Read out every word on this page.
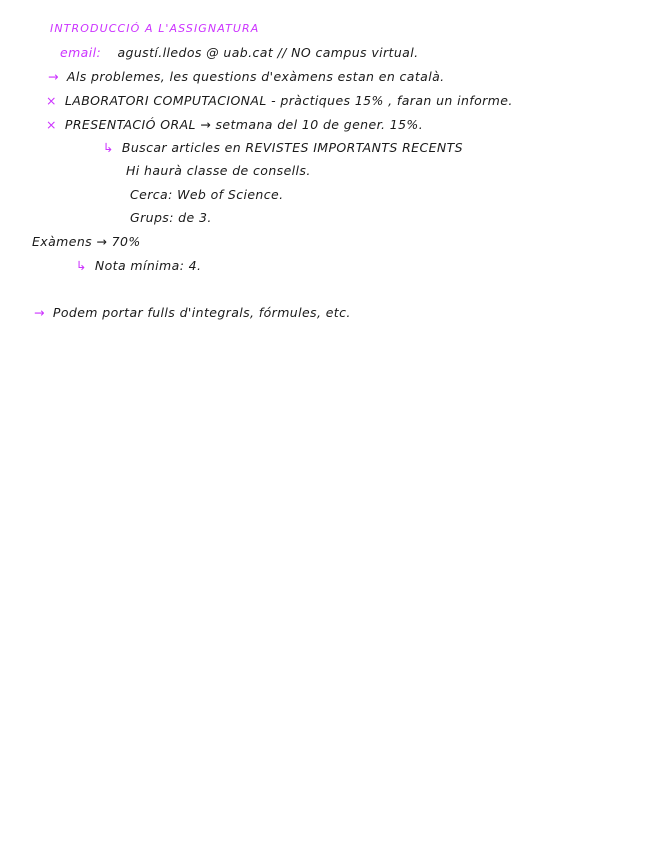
INTRODUCCIÓ A L'ASSIGNATURA
email: agustí.lledos @ uab.cat // NO campus virtual.
→ Als problemes, les questions d'exàmens estan en català.
× LABORATORI COMPUTACIONAL - pràctiques 15% , faran un informe.
× PRESENTACIÓ ORAL → setmana del 10 de gener. 15%.
↳ Buscar articles en REVISTES IMPORTANTS RECENTS
Hi haurà classe de consells.
Cerca: Web of Science.
Grups: de 3.
Exàmens → 70%
↳ Nota mínima: 4.
→ Podem portar fulls d'integrals, fórmules, etc.
